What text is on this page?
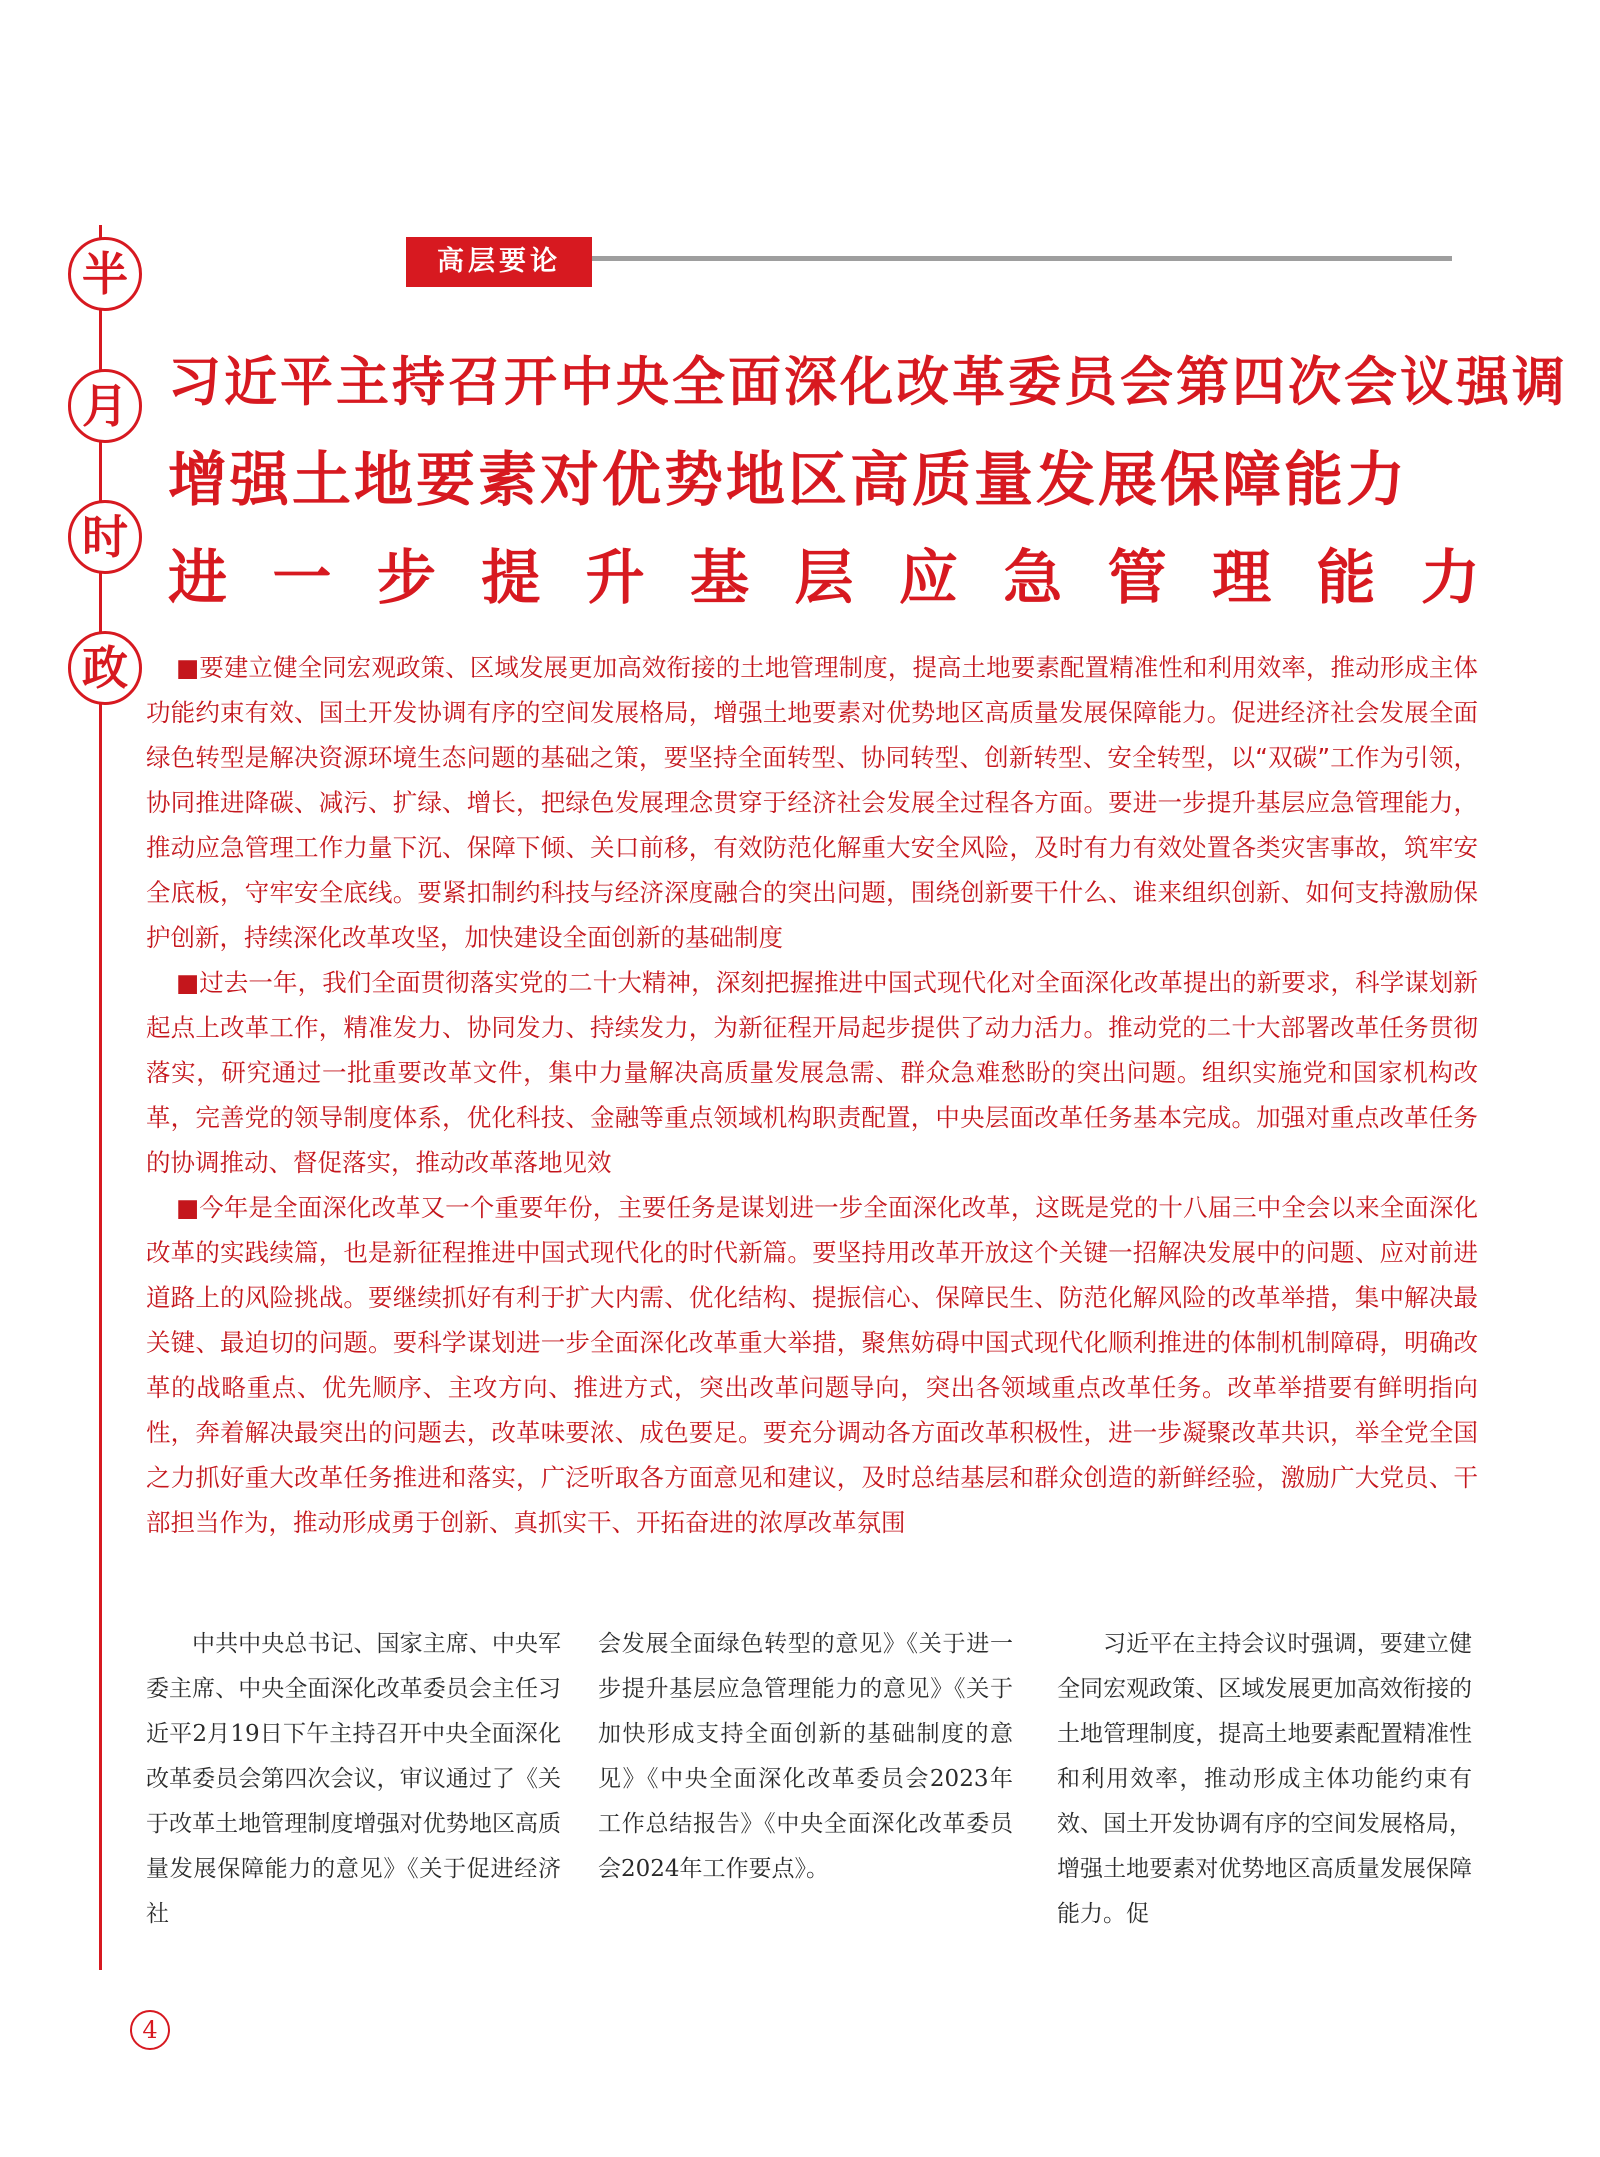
半
月
时
政
高层要论
习近平主持召开中央全面深化改革委员会第四次会议强调
增强土地要素对优势地区高质量发展保障能力
进 一 步 提 升 基 层 应 急 管 理 能 力

■要建立健全同宏观政策、区域发展更加高效衔接的土地管理制度，提高土地要素配置精准性和利用效率，推动形成主体功能约束有效、国土开发协调有序的空间发展格局，增强土地要素对优势地区高质量发展保障能力。促进经济社会发展全面绿色转型是解决资源环境生态问题的基础之策，要坚持全面转型、协同转型、创新转型、安全转型，以“双碳”工作为引领，协同推进降碳、减污、扩绿、增长，把绿色发展理念贯穿于经济社会发展全过程各方面。要进一步提升基层应急管理能力，推动应急管理工作力量下沉、保障下倾、关口前移，有效防范化解重大安全风险，及时有力有效处置各类灾害事故，筑牢安全底板，守牢安全底线。要紧扣制约科技与经济深度融合的突出问题，围绕创新要干什么、谁来组织创新、如何支持激励保护创新，持续深化改革攻坚，加快建设全面创新的基础制度

■过去一年，我们全面贯彻落实党的二十大精神，深刻把握推进中国式现代化对全面深化改革提出的新要求，科学谋划新起点上改革工作，精准发力、协同发力、持续发力，为新征程开局起步提供了动力活力。推动党的二十大部署改革任务贯彻落实，研究通过一批重要改革文件，集中力量解决高质量发展急需、群众急难愁盼的突出问题。组织实施党和国家机构改革，完善党的领导制度体系，优化科技、金融等重点领域机构职责配置，中央层面改革任务基本完成。加强对重点改革任务的协调推动、督促落实，推动改革落地见效

■今年是全面深化改革又一个重要年份，主要任务是谋划进一步全面深化改革，这既是党的十八届三中全会以来全面深化改革的实践续篇，也是新征程推进中国式现代化的时代新篇。要坚持用改革开放这个关键一招解决发展中的问题、应对前进道路上的风险挑战。要继续抓好有利于扩大内需、优化结构、提振信心、保障民生、防范化解风险的改革举措，集中解决最关键、最迫切的问题。要科学谋划进一步全面深化改革重大举措，聚焦妨碍中国式现代化顺利推进的体制机制障碍，明确改革的战略重点、优先顺序、主攻方向、推进方式，突出改革问题导向，突出各领域重点改革任务。改革举措要有鲜明指向性，奔着解决最突出的问题去，改革味要浓、成色要足。要充分调动各方面改革积极性，进一步凝聚改革共识，举全党全国之力抓好重大改革任务推进和落实，广泛听取各方面意见和建议，及时总结基层和群众创造的新鲜经验，激励广大党员、干部担当作为，推动形成勇于创新、真抓实干、开拓奋进的浓厚改革氛围

中共中央总书记、国家主席、中央军委主席、中央全面深化改革委员会主任习近平2月19日下午主持召开中央全面深化改革委员会第四次会议，审议通过了《关于改革土地管理制度增强对优势地区高质量发展保障能力的意见》《关于促进经济社

会发展全面绿色转型的意见》《关于进一步提升基层应急管理能力的意见》《关于加快形成支持全面创新的基础制度的意见》《中央全面深化改革委员会2023年工作总结报告》《中央全面深化改革委员会2024年工作要点》。

习近平在主持会议时强调，要建立健全同宏观政策、区域发展更加高效衔接的土地管理制度，提高土地要素配置精准性和利用效率，推动形成主体功能约束有效、国土开发协调有序的空间发展格局，增强土地要素对优势地区高质量发展保障能力。促

4
